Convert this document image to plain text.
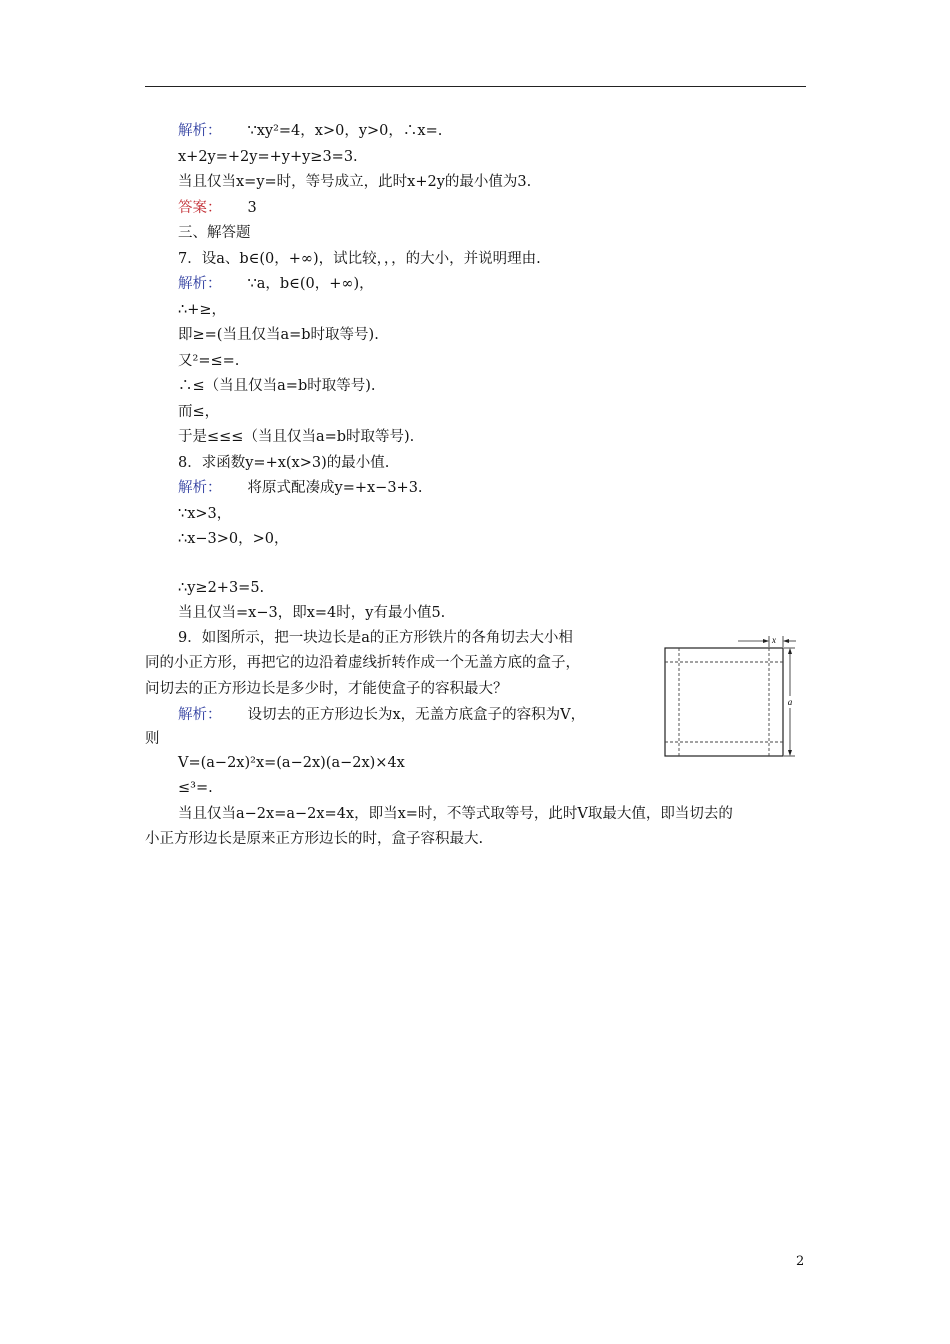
解析： ∵xy²=4，x>0，y>0，∴x=.
x+2y=+2y=+y+y≥3=3.
当且仅当x=y=时，等号成立，此时x+2y的最小值为3.
答案： 3
三、解答题
7．设a、b∈(0，+∞)，试比较，，，的大小，并说明理由.
解析： ∵a，b∈(0，+∞)，
∴+≥，
即≥=(当且仅当a=b时取等号).
又²=≤=.
∴≤（当且仅当a=b时取等号).
而≤，
于是≤≤≤（当且仅当a=b时取等号).
8．求函数y=+x(x>3)的最小值.
解析： 将原式配凑成y=+x−3+3.
∵x>3，
∴x−3>0，>0，
∴y≥2+3=5.
当且仅当=x−3，即x=4时，y有最小值5.
9．如图所示，把一块边长是a的正方形铁片的各角切去大小相
同的小正方形，再把它的边沿着虚线折转作成一个无盖方底的盒子，
问切去的正方形边长是多少时，才能使盒子的容积最大？
解析： 设切去的正方形边长为x，无盖方底盒子的容积为V，
则
V=(a−2x)²x=(a−2x)(a−2x)×4x
≤³=.
当且仅当a−2x=a−2x=4x，即当x=时，不等式取等号，此时V取最大值，即当切去的
小正方形边长是原来正方形边长的时，盒子容积最大.
x
a
2
